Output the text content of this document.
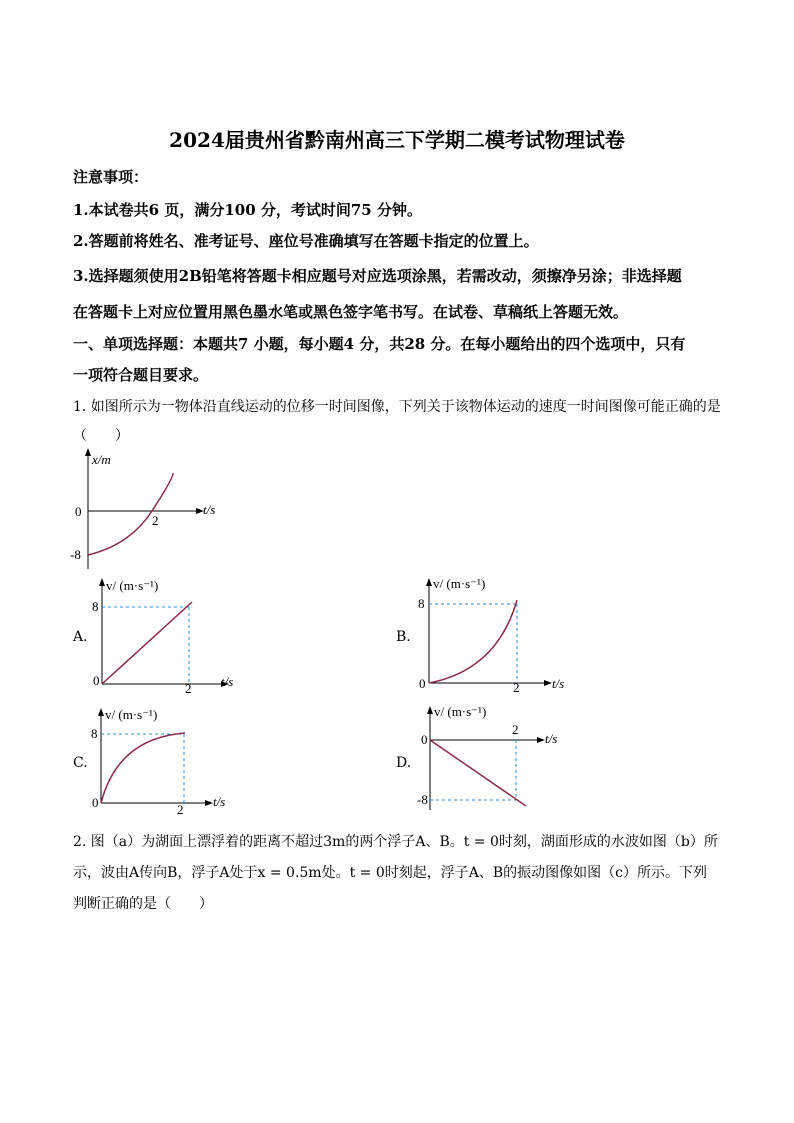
2024届贵州省黔南州高三下学期二模考试物理试卷
注意事项：
1.本试卷共6 页，满分100 分，考试时间75 分钟。
2.答题前将姓名、准考证号、座位号准确填写在答题卡指定的位置上。
3.选择题须使用2B铅笔将答题卡相应题号对应选项涂黑，若需改动，须擦净另涂；非选择题
在答题卡上对应位置用黑色墨水笔或黑色签字笔书写。在试卷、草稿纸上答题无效。
一、单项选择题：本题共7 小题，每小题4 分，共28 分。在每小题给出的四个选项中，只有
一项符合题目要求。
1. 如图所示为一物体沿直线运动的位移一时间图像，下列关于该物体运动的速度一时间图像可能正确的是
（　　）
x/m
t/s
0
-8
2
A.
v/ (m·s⁻¹)
t/s
0
8
2
B.
v/ (m·s⁻¹)
t/s
0
8
2
C.
v/ (m·s⁻¹)
t/s
0
8
2
D.
v/ (m·s⁻¹)
t/s
0
-8
2
2. 图（a）为湖面上漂浮着的距离不超过3m的两个浮子A、B。t = 0时刻，湖面形成的水波如图（b）所
示，波由A传向B，浮子A处于x = 0.5m处。t = 0时刻起，浮子A、B的振动图像如图（c）所示。下列
判断正确的是（　　）
